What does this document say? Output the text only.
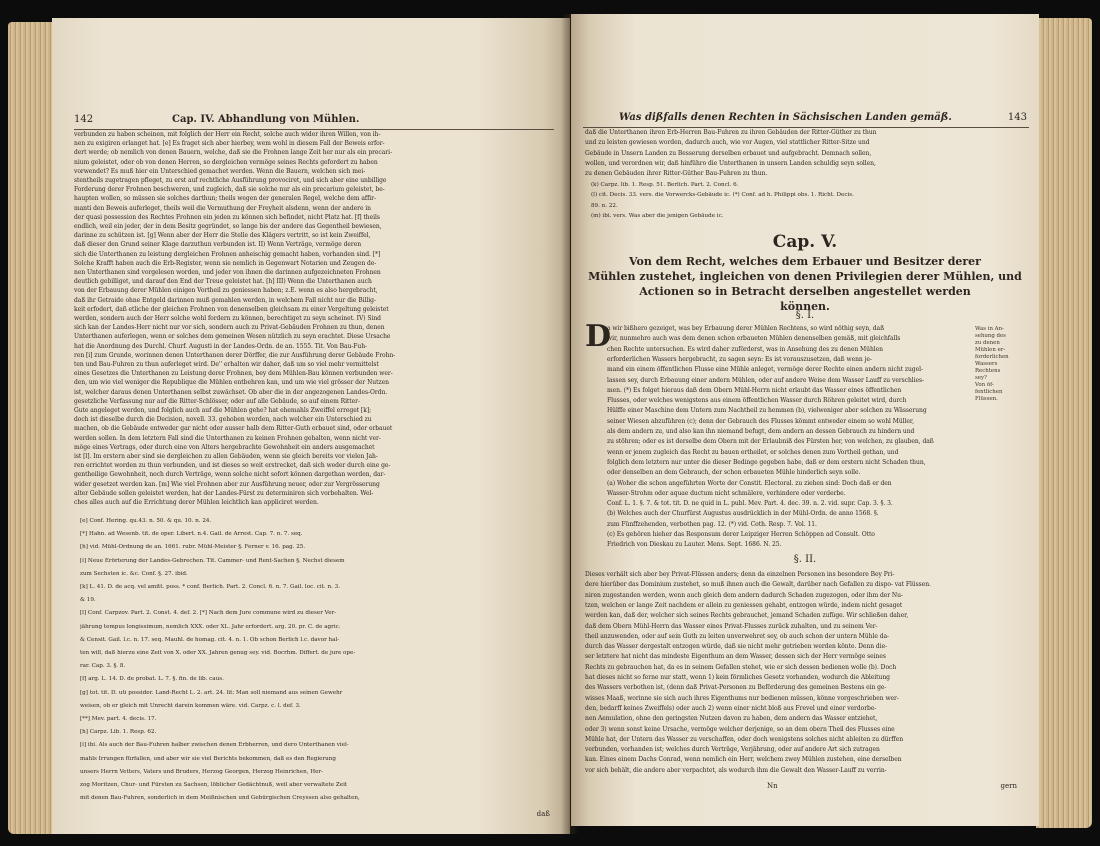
142	Cap. IV. Abhandlung von Mühlen.
verbunden zu haben scheinen, mit folglich der Herr ein Recht, solche auch wider ihren Willen, von ih-
nen zu exigiren erlanget hat. [e] Es fraget sich aber hierbey, wem wohl in diesem Fall der Beweis erfor-
dert werde; ob nemlich von denen Bauern, welche, daß sie die Frohnen lange Zeit her nur als ein precari-
nium geleistet, oder ob von denen Herren, so dergleichen vermöge seines Rechts gefordert zu haben
vorwendet? Es muß hier ein Unterschied gemachet werden. Wenn die Bauern, welchen sich mei-
stentheils zugetragen pfleget, zu erst auf rechtliche Ausführung provociret, und sich aber eine unbillige
Forderung derer Frohnen beschweren, und zugleich, daß sie solche nur als ein precarium geleistet, be-
haupten wollen, so müssen sie solches darthun; theils wegen der generalen Regel, welche dem affir-
manti den Beweis auferleget, theils weil die Vermuthung der Freyheit alsdenn, wenn der andere in
der quasi possession des Rechtes Frohnen ein jeden zu können sich befindet, nicht Platz hat. [f] theils
endlich, weil ein jeder, der in dem Besitz gegründet, so lange bis der andere das Gegentheil bewiesen,
darinne zu schützen ist. [g] Wenn aber der Herr die Stelle des Klägers vertritt, so ist kein Zweiffel,
daß dieser den Grund seiner Klage darzuthun verbunden ist. II) Wenn Verträge, vermöge deren
sich die Unterthanen zu leistung dergleichen Frohnen anheischig gemacht haben, vorhanden sind. [*]
Solche Krafft haben auch die Erb-Register, wenn sie nemlich in Gegenwart Notarien und Zeugen de-
nen Unterthanen sind vorgelesen worden, und jeder von ihnen die darinnen aufgezeichneten Frohnen
deutlich gebilliget, und darauf den End der Treue geleistet hat. [h] III) Wenn die Unterthanen auch
von der Erbauung derer Mühlen einigen Vortheil zu geniessen haben; z.E. wenn es also hergebracht,
daß ihr Getraide ohne Entgeld darinnen muß gemahlen werden, in welchem Fall nicht nur die Billig-
keit erfodert, daß etliche der gleichen Frohnen von denenselben gleichsam zu einer Vergeltung geleistet
werden, sondern auch der Herr solche wohl fordern zu können, berechtiget zu seyn scheinet. IV) Sind
sich kan der Landes-Herr nicht nur vor sich, sondern auch zu Privat-Gebäuden Frohnen zu thun, denen
Unterthanen auferlegen, wenn er solches dem gemeinen Wesen nützlich zu seyn erachtet. Diese Ursache
hat die Anordnung des Durchl. Churf. Augusti in der Landes-Ordn. de an. 1555. Tit. Von Bau-Fuh-
ren [i] zum Grunde, worinnen denen Unterthanen derer Dörffer, die zur Ausführung derer Gebäude Frohn-
ten und Bau-Fuhren zu thun auferleget wird. De'' erhalten wir daher, daß um so viel mehr vermittelst
eines Gesetzes die Unterthanen zu Leistung derer Frohnen, bey dem Mühlen-Bau können verbunden wer-
den, um wie viel weniger die Republique die Mühlen entbehren kan, und um wie viel grösser der Nutzen
ist, welcher daraus denen Unterthanen selbst zuwächset. Ob aber die in der angezogenen Landes-Ordn.
gesetzliche Verfassung nur auf die Ritter-Schlösser, oder auf alle Gebäude, so auf einem Ritter-
Gute angeleget werden, und folglich auch auf die Mühlen gehe? hat ehemahls Zweiffel erreget [k];
doch ist dieselbe durch die Decision, novell. 33. gehoben worden, nach welcher ein Unterschied zu
machen, ob die Gebäude entweder gar nicht oder ausser halb dem Ritter-Guth erbauet sind, oder erbauet
werden sollen. In dem letztern Fall sind die Unterthanen zu keinen Frohnen gehalten, wenn nicht ver-
möge eines Vertrags, oder durch eine von Alters hergebrachte Gewohnheit ein anders ausgemachet
ist [l]. Im erstern aber sind sie dergleichen zu allen Gebäuden, wenn sie gleich bereits vor vielen Jah-
ren errichtet worden zu thun verbunden, und ist dieses so weit erstrecket, daß sich weder durch eine ge-
gentheilige Gewohnheit, noch durch Verträge, wenn solche nicht sofort können dargethan werden, dar-
wider gesetzet werden kan. [m] Wie viel Frohnen aber zur Ausführung neuer, oder zur Vergrösserung
alter Gebäude sollen geleistet werden, hat der Landes-Fürst zu determiniren sich vorbehalten. Wel-
ches alles auch auf die Errichtung derer Mühlen leichtlich kan appliciret werden.
[e] Conf. Hering. qu.43. n. 50. & qu. 10. n. 24.
[*] Hahn. ad Wesenb. tit. de oper. Libert. n.4. Gail. de Arrest. Cap. 7. n. 7. seq.
[h] vid. Mühl-Ordnung de an. 1661. rubr. Mühl-Meister §. Ferner v. 16. pag. 25.
[i] Neue Erörterung der Landes-Gebrechen. Tit. Cammer- und Rent-Sachen §. Nechst diesem
zum Sechsten ic. &c. Conf. §. 27. ibid.
[k] L. 41. D. de acq. vel amitt. poss. * conf. Berlich. Part. 2. Concl. 6. n. 7. Gail. loc. cit. n. 3.
& 19.
[l] Conf. Carpzov. Part. 2. Const. 4. def. 2. [*] Nach dem Jure commune wird zu dieser Ver-
jährung tempus longissimum, nemlich XXX. oder XL. Jahr erfordert. arg. 20. pr. C. de agric.
& Censit. Gail. l.c. n. 17. seq. Mauhl. de homag. cit. 4. n. 1. Ob schon Berlich l.c. davor hal-
ten will, daß hierzu eine Zeit von X. oder XX. Jahren genug sey. vid. Bocrhm. Differt. de jure ope-
rar. Cap. 3. §. 8.
[f] arg. L. 14. D. de probat. L. 7. §. fin. de lib. caus.
[g] tot. tit. D. uti possider. Land-Recht L. 2. art. 24. lit: Man soll niemand aus seinen Gewehr
weisen, ob er gleich mit Unrecht darein kommen wäre. vid. Carpz. c. l. def. 3.
[**] Mev. part. 4. decis. 17.
[h] Carpz. Lib. 1. Resp. 62.
[i] ibi. Als auch der Bau-Fuhren halber zwischen denen Erbherren, und dero Unterthanen viel-
mahls Irrungen fürfallen, und aber wir sie viel Berichts bekommen, daß es den Regierung
unsers Herrn Vetters, Vaters und Bruders, Herzog Georgen, Herzog Heinrichen, Her-
zog Moritzen, Chur- und Fürsten zu Sachsen, löblicher Gedächtnuß, weil aber verwaltete Zeit
mit denen Bau-Fuhren, sonderlich in dem Meißnischen und Gebürgischen Creyssen also gehalten,
daß
Was dißfalls denen Rechten in Sächsischen Landen gemäß.	143
daß die Unterthanen ihren Erb-Herren Bau-Fuhren zu ihren Gebäuden der Ritter-Güther zu thun
und zu leisten gewiesen worden, dadurch auch, wie vor Augen, viel stattlicher Ritter-Sitze und
Gebäude in Unsern Landen zu Besserung derselben erbauet und aufgebracht. Demnach sollen,
wollen, und verordnen wir, daß hinführo die Unterthanen in unsern Landen schuldig seyn sollen,
zu denen Gebäuden ihrer Ritter-Güther Bau-Fuhren zu thun.
(k) Carpz. lib. 1. Resp. 51. Berlich. Part. 2. Concl. 6.
(l) cit. Decis. 33. vers. die Vorwercks-Gebäude ic. (*) Conf. ad h. Philippi obs. 1. Richt. Decis.
89. n. 22.
(m) ibi. vers. Was aber die jenigen Gebäude ic.
Cap. V.
Von dem Recht, welches dem Erbauer und Besitzer derer
Mühlen zustehet, ingleichen von denen Privilegien derer Mühlen, und
Actionen so in Betracht derselben angestellet werden
können.
§. I.
D
a wir bißhero gezeiget, was bey Erbauung derer Mühlen Rechtens, so wird nöthig seyn, daß
wir, nunmehro auch was dem denen schon erbaueten Mühlen denenselben gemäß, mit gleichfalls
chen Rechte untersuchen. Es wird daher zuförderst, was in Ansehung des zu denen Mühlen
erforderlichen Wassers hergebracht, zu sagen seyn: Es ist vorauszusetzen, daß wenn je-
mand ein einem öffentlichen Flusse eine Mühle anleget, vermöge derer Rechte einen andern nicht zugel-
lassen sey, durch Erbauung einer andern Mühlen, oder auf andere Weise dem Wasser Lauff zu verschlies-
men. (*) Es folget hieraus daß dem Obern Mühl-Herrn nicht erlaubt das Wasser eines öffentlichen
Flusses, oder welches wenigstens aus einem öffentlichen Wasser durch Röhren geleitet wird, durch
Hülffe einer Maschine dem Untern zum Nachtheil zu hemmen (b), vielweniger aber solchen zu Wässerung
seiner Wiesen abzuführen (c); denn der Gebrauch des Flusses kömmt entweder einem so wohl Müller,
als dem andern zu, und also kan ihn niemand befugt, dem andern an dessen Gebrauch zu hindern und
zu stöhren; oder es ist derselbe dem Obern mit der Erlaubniß des Fürsten her, von welchen, zu glauben, daß
wenn er jenem zugleich das Recht zu bauen ertheilet, er solches denen zum Vortheil gethan, und
folglich dem letztern nur unter die dieser Bedinge gegeben habe, daß er dem erstern nicht Schaden thun,
oder denselben an dem Gebrauch, der schon erbaueten Mühle hinderlich seyn solle.
(a) Woher die schon angeführten Worte der Constit. Electoral. zu ziehen sind: Doch daß er den
Wasser-Strohm oder aquae ductum nicht schmälere, verhindere oder verderbe.
Conf. L. 1. §. 7. & tot. tit. D. ne quid in L. publ. Mev. Part. 4. dec. 39. n. 2. vid. supr. Cap. 3. §. 3.
(b) Welches auch der Churfürst Augustus ausdrücklich in der Mühl-Ordn. de anno 1568. §.
zum Fünffzehenden, verbothen pag. 12. (*) vid. Coth. Resp. 7. Vol. 11.
(c) Es gehören hieher das Responsum derer Leipziger Herren Schöppen ad Consult. Otto
Friedrich von Dieskau zu Lauter. Mens. Sept. 1686. N. 25.
Was in An-
sehung des
zu denen
Mühlen er-
forderlichen
Wassers
Rechtens
sey?
Von öf-
fentlichen
Flüssen.
§. II.
Dieses verhält sich aber bey Privat-Flüssen anders; denn da einzelnen Personen ins besondere Bey Pri-
dere hierüber das Dominium zustehet, so muß ihnen auch die Gewalt, darüber nach Gefallen zu dispo- vat Flüssen.
niren zugestanden werden, wenn auch gleich dem andern dadurch Schaden zugezogen, oder ihm der Nu-
tzen, welchen er lange Zeit nachdem er allein zu geniessen gehabt, entzogen würde, indem nicht gesaget
werden kan, daß der, welcher sich seines Rechts gebrauchet, jemand Schaden zufüge. Wir schließen daher,
daß dem Obern Mühl-Herrn das Wasser eines Privat-Flusses zurück zuhalten, und zu seinem Ver-
theil anzuwenden, oder auf sein Guth zu leiten unverwehret sey, ob auch schon der untern Mühle da-
durch das Wasser dergestalt entzogen würde, daß sie nicht mehr getrieben werden könte. Denn die-
ser letztere hat nicht das mindeste Eigenthum an dem Wasser, dessen sich der Herr vermöge seines
Rechts zu gebrauchen hat, da es in seinem Gefallen stehet, wie er sich dessen bedienen wolle (b). Doch
hat dieses nicht so ferne nur statt, wenn 1) kein förmliches Gesetz vorhanden, wodurch die Ableitung
des Wassers verbothen ist, (denn daß Privat-Personen zu Beförderung des gemeinen Bestens ein ge-
wisses Maaß, worinne sie sich auch ihres Eigenthums nur bedienen müssen, könne vorgeschrieben wer-
den, bedarff keines Zweiffels) oder auch 2) wenn einer nicht bloß aus Frevel und einer verdorbe-
nen Aemulation, ohne den geringsten Nutzen davon zu haben, dem andern das Wasser entziehet,
oder 3) wenn sonst keine Ursache, vermöge welcher derjenige, so an dem obern Theil des Flusses eine
Mühle hat, der Untern das Wasser zu verschaffen, oder doch wenigstens solches nicht ableiten zu dürffen
verbunden, vorhanden ist; welches durch Verträge, Verjährung, oder auf andere Art sich zutragen
kan. Eines einem Dachs Conrad, wenn nemlich ein Herr, welchem zwey Mühlen zustehen, eine derselben
vor sich behält, die andere aber verpachtet, als wodurch ihm die Gewalt den Wasser-Lauff zu verrin-
Nn	gern
